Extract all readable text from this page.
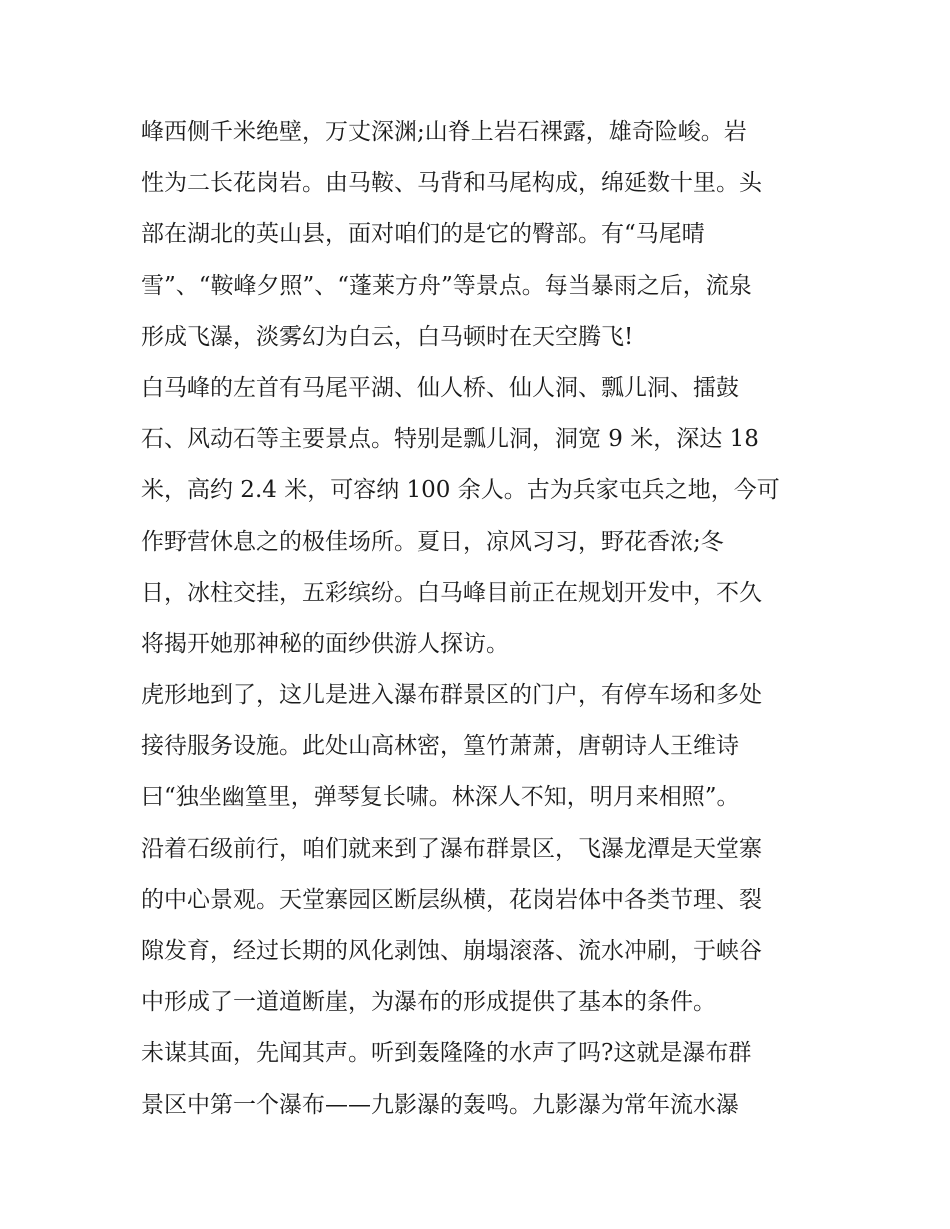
峰西侧千米绝壁，万丈深渊;山脊上岩石裸露，雄奇险峻。岩
性为二长花岗岩。由马鞍、马背和马尾构成，绵延数十里。头
部在湖北的英山县，面对咱们的是它的臀部。有“马尾晴
雪”、“鞍峰夕照”、“蓬莱方舟”等景点。每当暴雨之后，流泉
形成飞瀑，淡雾幻为白云，白马顿时在天空腾飞!
白马峰的左首有马尾平湖、仙人桥、仙人洞、瓢儿洞、擂鼓
石、风动石等主要景点。特别是瓢儿洞，洞宽 9 米，深达 18
米，高约 2.4 米，可容纳 100 余人。古为兵家屯兵之地，今可
作野营休息之的极佳场所。夏日，凉风习习，野花香浓;冬
日，冰柱交挂，五彩缤纷。白马峰目前正在规划开发中，不久
将揭开她那神秘的面纱供游人探访。
虎形地到了，这儿是进入瀑布群景区的门户，有停车场和多处
接待服务设施。此处山高林密，篁竹萧萧，唐朝诗人王维诗
曰“独坐幽篁里，弹琴复长啸。林深人不知，明月来相照”。
沿着石级前行，咱们就来到了瀑布群景区，飞瀑龙潭是天堂寨
的中心景观。天堂寨园区断层纵横，花岗岩体中各类节理、裂
隙发育，经过长期的风化剥蚀、崩塌滚落、流水冲刷，于峡谷
中形成了一道道断崖，为瀑布的形成提供了基本的条件。
未谋其面，先闻其声。听到轰隆隆的水声了吗?这就是瀑布群
景区中第一个瀑布——九影瀑的轰鸣。九影瀑为常年流水瀑
